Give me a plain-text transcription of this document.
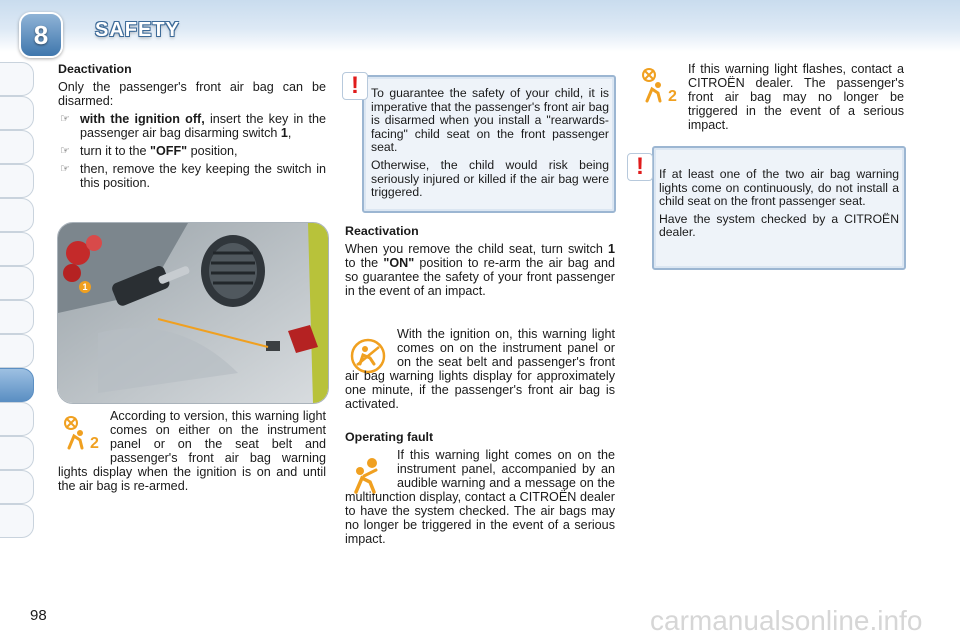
8	SAFETY

Deactivation

Only the passenger's front air bag can be disarmed:

☞ with the ignition off, insert the key in the passenger air bag disarming switch 1,
☞ turn it to the "OFF" position,
☞ then, remove the key keeping the switch in this position.
1
2
According to version, this warning light comes on either on the instrument panel or on the seat belt and passenger's front air bag warning lights display when the ignition is on and until the air bag is re-armed.

To guarantee the safety of your child, it is imperative that the passenger's front air bag is disarmed when you install a "rearwards-facing" child seat on the front passenger seat.

Otherwise, the child would risk being seriously injured or killed if the air bag were triggered.

!

Reactivation

When you remove the child seat, turn switch 1 to the "ON" position to re-arm the air bag and so guarantee the safety of your front passenger in the event of an impact.

With the ignition on, this warning light comes on on the instrument panel or on the seat belt and passenger's front air bag warning lights display for approximately one minute, if the passenger's front air bag is activated.

Operating fault

If this warning light comes on on the instrument panel, accompanied by an audible warning and a message on the multifunction display, contact a CITROËN dealer to have the system checked. The air bags may no longer be triggered in the event of a serious impact.
2
If this warning light flashes, contact a CITROËN dealer. The passenger's front air bag may no longer be triggered in the event of a serious impact.

If at least one of the two air bag warning lights come on continuously, do not install a child seat on the front passenger seat.

Have the system checked by a CITROËN dealer.

!
98	carmanualsonline.info
